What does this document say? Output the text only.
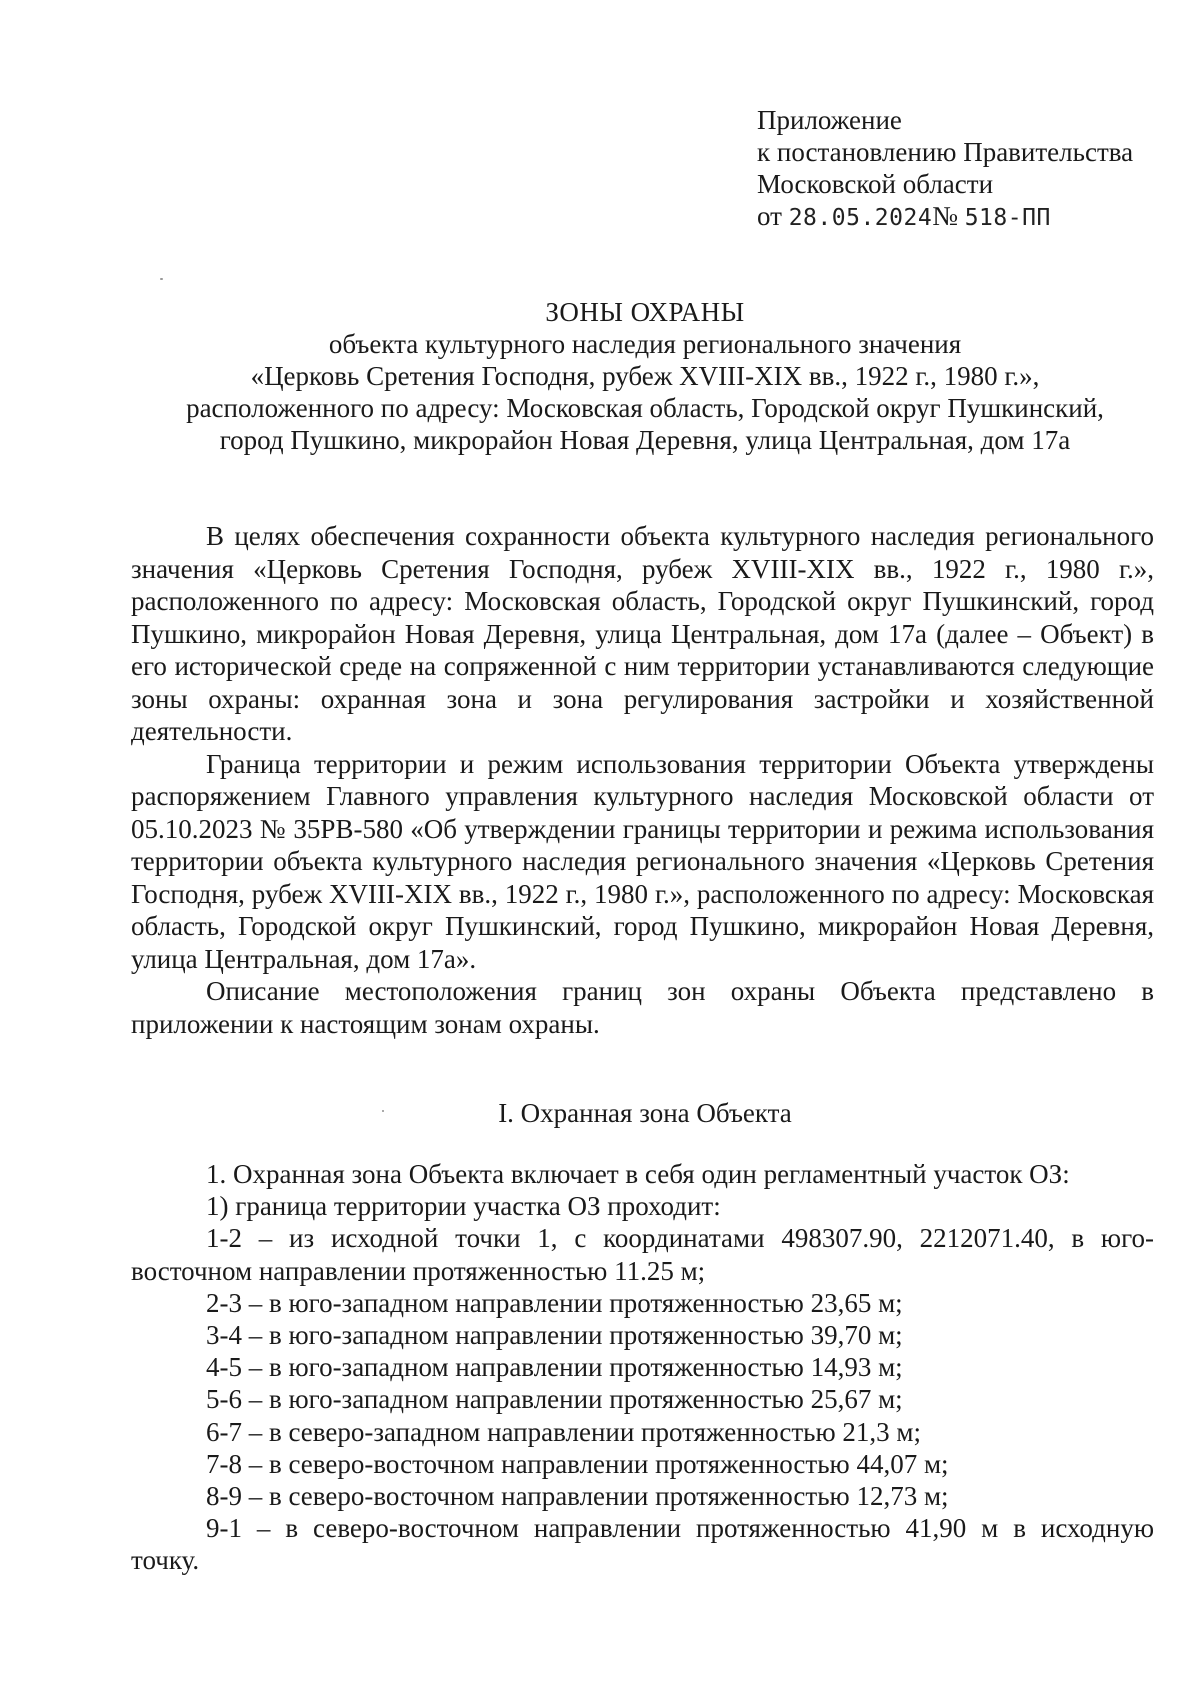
Приложение
к постановлению Правительства
Московской области
от 28.05.2024№ 518-ПП
ЗОНЫ ОХРАНЫ
объекта культурного наследия регионального значения
«Церковь Сретения Господня, рубеж XVIII-XIX вв., 1922 г., 1980 г.»,
расположенного по адресу: Московская область, Городской округ Пушкинский,
город Пушкино, микрорайон Новая Деревня, улица Центральная, дом 17а

В целях обеспечения сохранности объекта культурного наследия регионального значения «Церковь Сретения Господня, рубеж XVIII-XIX вв., 1922 г., 1980 г.», расположенного по адресу: Московская область, Городской округ Пушкинский, город Пушкино, микрорайон Новая Деревня, улица Центральная, дом 17а (далее – Объект) в его исторической среде на сопряженной с ним территории устанавливаются следующие зоны охраны: охранная зона и зона регулирования застройки и хозяйственной деятельности.

Граница территории и режим использования территории Объекта утверждены распоряжением Главного управления культурного наследия Московской области от 05.10.2023 № 35РВ-580 «Об утверждении границы территории и режима использования территории объекта культурного наследия регионального значения «Церковь Сретения Господня, рубеж XVIII-XIX вв., 1922 г., 1980 г.», расположенного по адресу: Московская область, Городской округ Пушкинский, город Пушкино, микрорайон Новая Деревня, улица Центральная, дом 17а».

Описание местоположения границ зон охраны Объекта представлено в приложении к настоящим зонам охраны.

I. Охранная зона Объекта

1. Охранная зона Объекта включает в себя один регламентный участок ОЗ:

1) граница территории участка ОЗ проходит:

1-2 – из исходной точки 1, с координатами 498307.90, 2212071.40, в юго-восточном направлении протяженностью 11.25 м;

2-3 – в юго-западном направлении протяженностью 23,65 м;

3-4 – в юго-западном направлении протяженностью 39,70 м;

4-5 – в юго-западном направлении протяженностью 14,93 м;

5-6 – в юго-западном направлении протяженностью 25,67 м;

6-7 – в северо-западном направлении протяженностью 21,3 м;

7-8 – в северо-восточном направлении протяженностью 44,07 м;

8-9 – в северо-восточном направлении протяженностью 12,73 м;

9-1 – в северо-восточном направлении протяженностью 41,90 м в исходную точку.
